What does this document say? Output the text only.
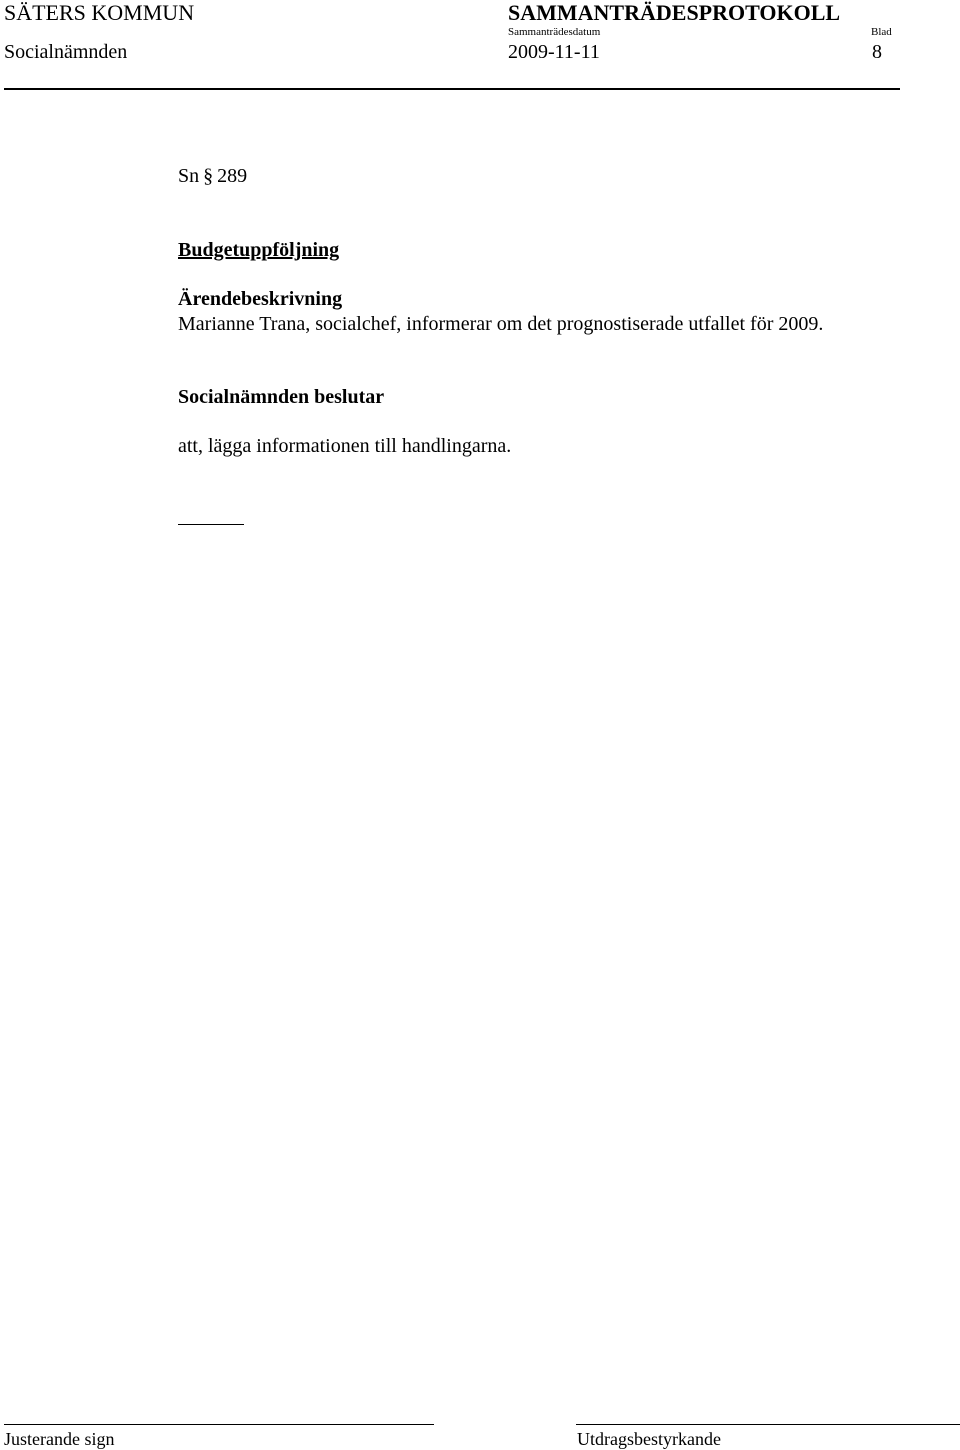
SÄTERS KOMMUN
Socialnämnden
SAMMANTRÄDESPROTOKOLL
Sammanträdesdatum
2009-11-11
Blad
8
Sn § 289
Budgetuppföljning
Ärendebeskrivning
Marianne Trana, socialchef, informerar om det prognostiserade utfallet för 2009.
Socialnämnden beslutar
att, lägga informationen till handlingarna.
Justerande sign	Utdragsbestyrkande
